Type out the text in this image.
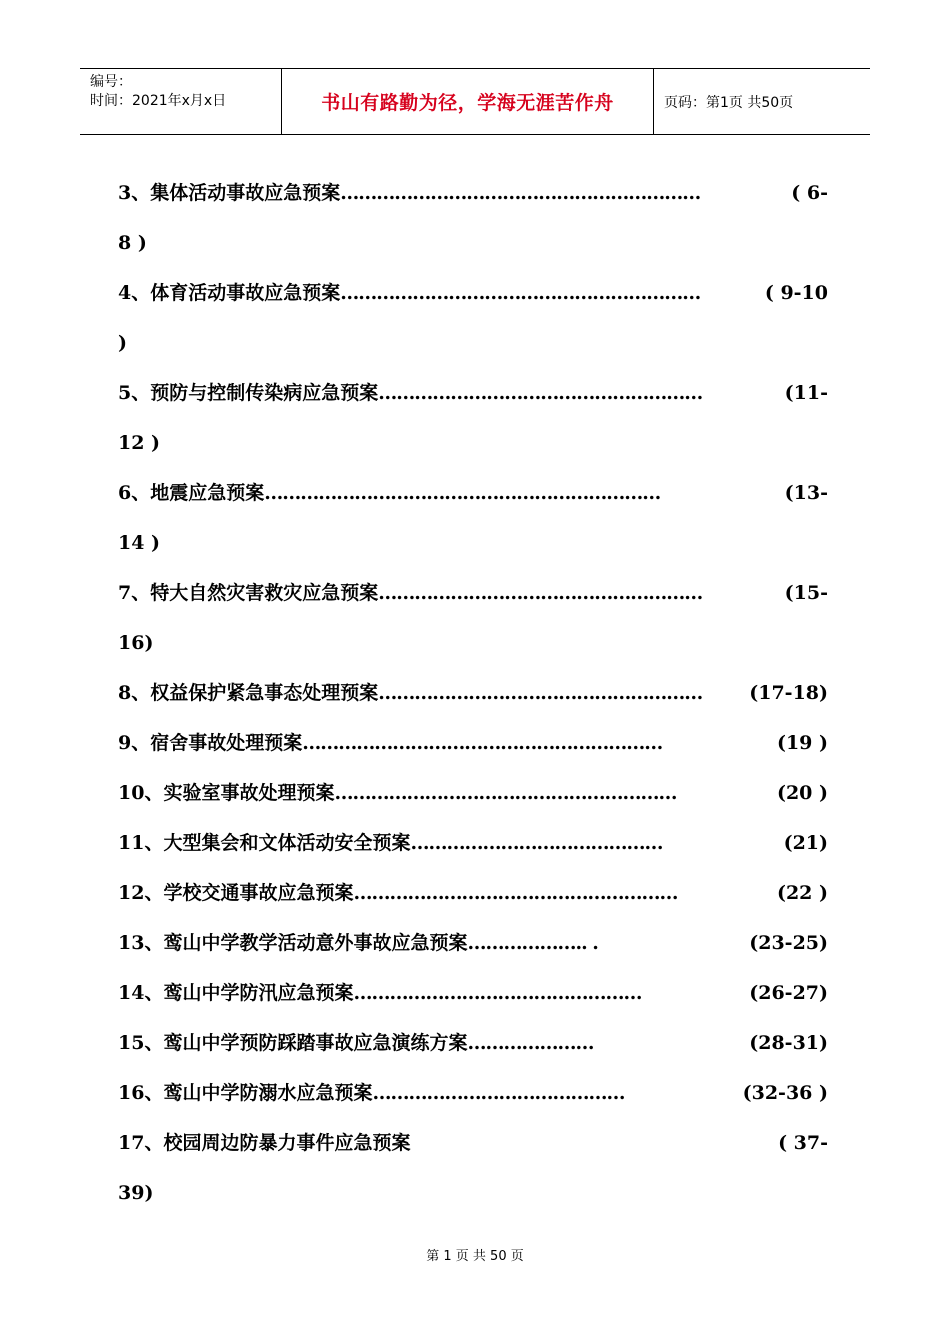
编号：
时间：2021年x月x日	书山有路勤为径，学海无涯苦作舟	页码：第1页 共50页
3、集体活动事故应急预案 ……………………………………………………	( 6-
8 )
4、体育活动事故应急预案 ……………………………………………………	( 9-10
)
5、预防与控制传染病应急预案 ………………………………………………	(11-
12 )
6、地震应急预案 …………………………………………………………	(13-
14 )
7、特大自然灾害救灾应急预案 ………………………………………………	(15-
16)
8、权益保护紧急事态处理预案 ……………………………………………… (17-18)
9、宿舍事故处理预案 ……………………………………………………	(19 )
10、实验室事故处理预案 …………………………………………………	(20 )
11、大型集会和文体活动安全预案 ……………………………………	(21)
12、学校交通事故应急预案 ………………………………………………	(22 )
13、鸾山中学教学活动意外事故应急预案 ……………….. .	(23-25)
14、鸾山中学防汛应急预案 …………………………………………	(26-27)
15、鸾山中学预防踩踏事故应急演练方案 …………………	(28-31)
16、鸾山中学防溺水应急预案 ……………………………………	(32-36 )
17、校园周边防暴力事件应急预案	( 37-
39)
第 1 页 共 50 页
